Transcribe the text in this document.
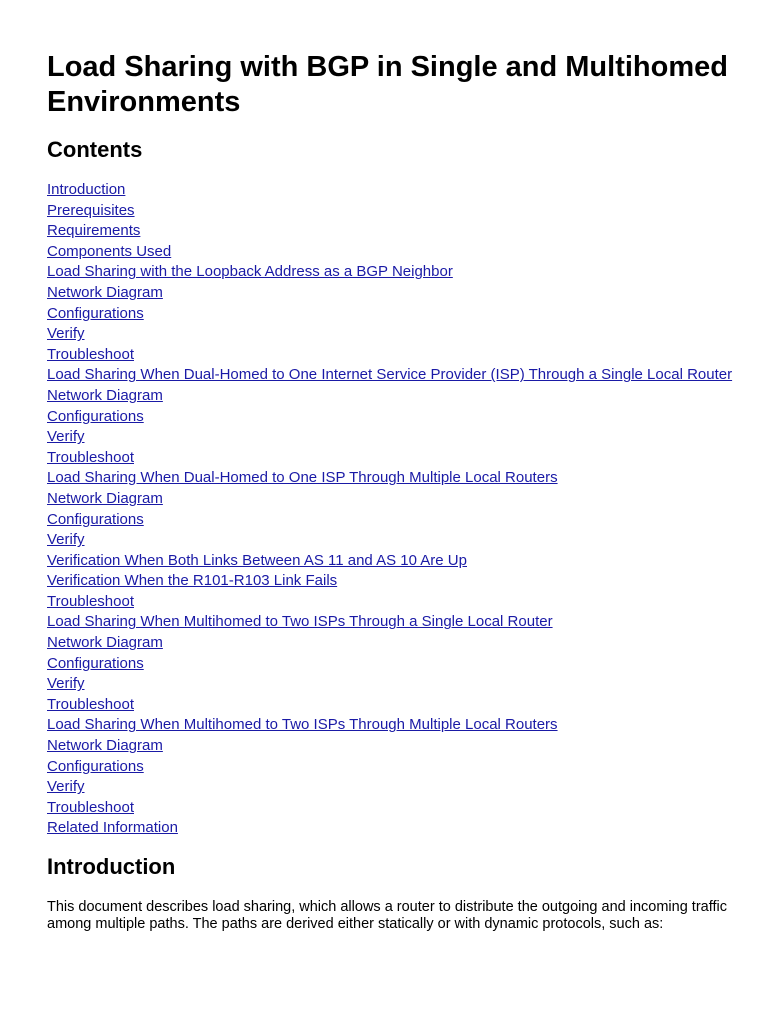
Load Sharing with BGP in Single and Multihomed Environments
Contents
Introduction
Prerequisites
Requirements
Components Used
Load Sharing with the Loopback Address as a BGP Neighbor
Network Diagram
Configurations
Verify
Troubleshoot
Load Sharing When Dual-Homed to One Internet Service Provider (ISP) Through a Single Local Router
Network Diagram
Configurations
Verify
Troubleshoot
Load Sharing When Dual-Homed to One ISP Through Multiple Local Routers
Network Diagram
Configurations
Verify
Verification When Both Links Between AS 11 and AS 10 Are Up
Verification When the R101-R103 Link Fails
Troubleshoot
Load Sharing When Multihomed to Two ISPs Through a Single Local Router
Network Diagram
Configurations
Verify
Troubleshoot
Load Sharing When Multihomed to Two ISPs Through Multiple Local Routers
Network Diagram
Configurations
Verify
Troubleshoot
Related Information
Introduction

This document describes load sharing, which allows a router to distribute the outgoing and incoming traffic among multiple paths. The paths are derived either statically or with dynamic protocols, such as:
